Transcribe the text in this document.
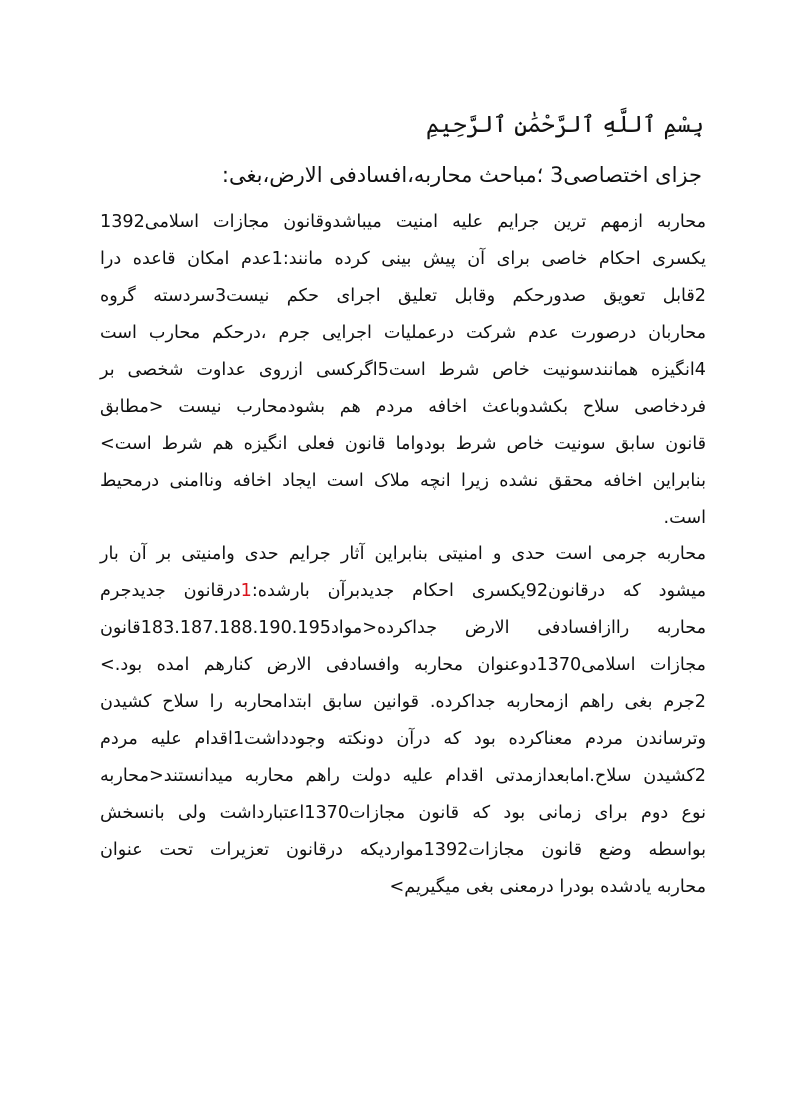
بِسْمِ ٱللَّهِ ٱلرَّحْمَٰنِ ٱلرَّحِيمِ
جزای اختصاصی3 ؛مباحث محاربه،افسادفی الارض،بغی:
محاربه ازمهم ترین جرایم علیه امنیت میباشدوقانون مجازات اسلامی1392
یکسری احکام خاصی برای آن پیش بینی کرده مانند:1عدم امکان قاعده درا
2قابل تعویق صدورحکم وقابل تعلیق اجرای حکم نیست3سردسته گروه
محاربان درصورت عدم شرکت درعملیات اجرایی جرم ،درحکم محارب است
4انگیزه همانندسونیت خاص شرط است5اگرکسی ازروی عداوت شخصی بر
فردخاصی سلاح بکشدوباعث اخافه مردم هم بشودمحارب نیست <مطابق
قانون سابق سونیت خاص شرط بودواما قانون فعلی انگیزه هم شرط است>
بنابراین اخافه محقق نشده زیرا انچه ملاک است ایجاد اخافه وناامنی درمحیط
است.
محاربه جرمی است حدی و امنیتی بنابراین آثار جرایم حدی وامنیتی بر آن بار
میشود که درقانون92یکسری احکام جدیدبرآن بارشده:1درقانون جدیدجرم
محاربه راازافسادفی الارض جداکرده<مواد183.187.188.190.195قانون
مجازات اسلامی1370دوعنوان محاربه وافسادفی الارض کنارهم امده بود.>
2جرم بغی راهم ازمحاربه جداکرده. قوانین سابق ابتدامحاربه را سلاح کشیدن
وترساندن مردم معناکرده بود که درآن دونکته وجودداشت1اقدام علیه مردم
2کشیدن سلاح.امابعدازمدتی اقدام علیه دولت راهم محاربه میدانستند<محاربه
نوع دوم برای زمانی بود که قانون مجازات1370اعتبارداشت ولی بانسخش
بواسطه وضع قانون مجازات1392مواردیکه درقانون تعزیرات تحت عنوان
محاربه یادشده بودرا درمعنی بغی میگیریم>
